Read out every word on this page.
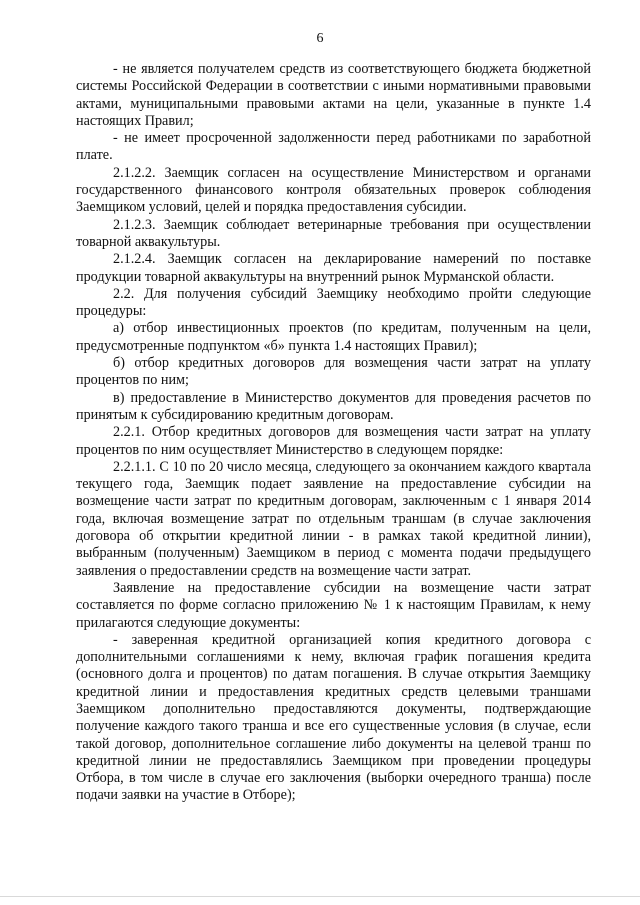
6

- не является получателем средств из соответствующего бюджета бюджетной системы Российской Федерации в соответствии с иными нормативными правовыми актами, муниципальными правовыми актами на цели, указанные в пункте 1.4 настоящих Правил;

- не имеет просроченной задолженности перед работниками по заработной плате.

2.1.2.2. Заемщик согласен на осуществление Министерством и органами государственного финансового контроля обязательных проверок соблюдения Заемщиком условий, целей и порядка предоставления субсидии.

2.1.2.3. Заемщик соблюдает ветеринарные требования при осуществлении товарной аквакультуры.

2.1.2.4. Заемщик согласен на декларирование намерений по поставке продукции товарной аквакультуры на внутренний рынок Мурманской области.

2.2. Для получения субсидий Заемщику необходимо пройти следующие процедуры:

а) отбор инвестиционных проектов (по кредитам, полученным на цели, предусмотренные подпунктом «б» пункта 1.4 настоящих Правил);

б) отбор кредитных договоров для возмещения части затрат на уплату процентов по ним;

в) предоставление в Министерство документов для проведения расчетов по принятым к субсидированию кредитным договорам.

2.2.1. Отбор кредитных договоров для возмещения части затрат на уплату процентов по ним осуществляет Министерство в следующем порядке:

2.2.1.1. С 10 по 20 число месяца, следующего за окончанием каждого квартала текущего года, Заемщик подает заявление на предоставление субсидии на возмещение части затрат по кредитным договорам, заключенным с 1 января 2014 года, включая возмещение затрат по отдельным траншам (в случае заключения договора об открытии кредитной линии - в рамках такой кредитной линии), выбранным (полученным) Заемщиком в период с момента подачи предыдущего заявления о предоставлении средств на возмещение части затрат.

Заявление на предоставление субсидии на возмещение части затрат составляется по форме согласно приложению № 1 к настоящим Правилам, к нему прилагаются следующие документы:

- заверенная кредитной организацией копия кредитного договора с дополнительными соглашениями к нему, включая график погашения кредита (основного долга и процентов) по датам погашения. В случае открытия Заемщику кредитной линии и предоставления кредитных средств целевыми траншами Заемщиком дополнительно предоставляются документы, подтверждающие получение каждого такого транша и все его существенные условия (в случае, если такой договор, дополнительное соглашение либо документы на целевой транш по кредитной линии не предоставлялись Заемщиком при проведении процедуры Отбора, в том числе в случае его заключения (выборки очередного транша) после подачи заявки на участие в Отборе);
